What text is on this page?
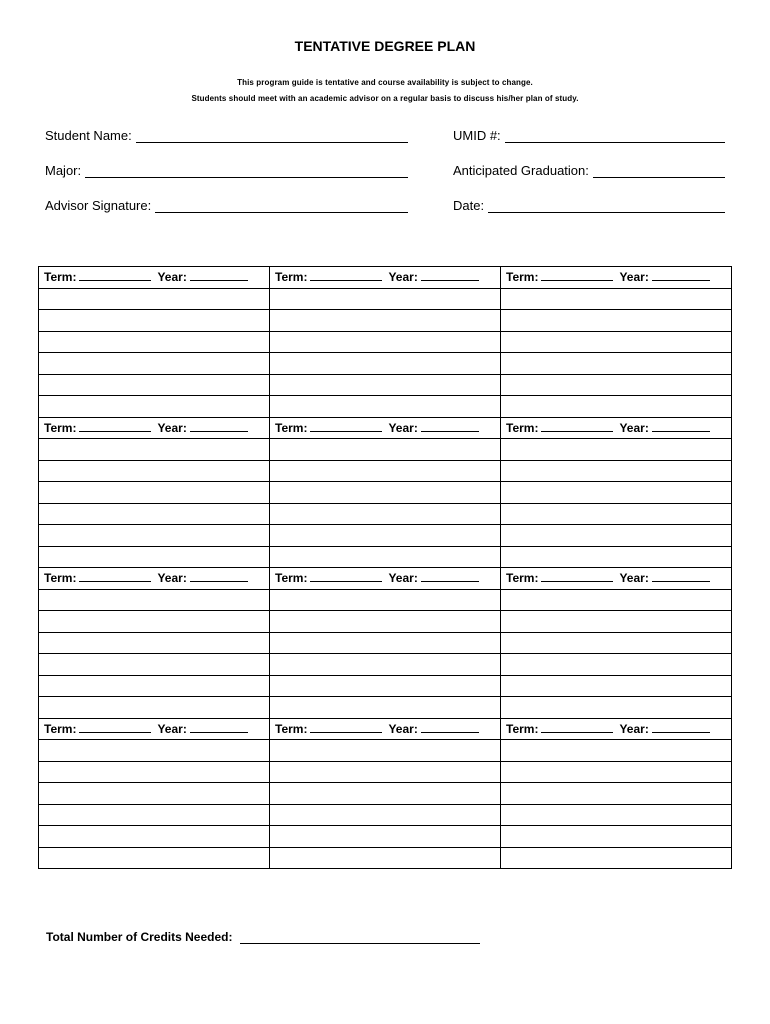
TENTATIVE DEGREE PLAN
This program guide is tentative and course availability is subject to change.
Students should meet with an academic advisor on a regular basis to discuss his/her plan of study.
Student Name:	UMID #:
Major:	Anticipated Graduation:
Advisor Signature:	Date:
Term: Year:	Term: Year:	Term: Year:

Term: Year:	Term: Year:	Term: Year:

Term: Year:	Term: Year:	Term: Year:

Term: Year:	Term: Year:	Term: Year:

Total Number of Credits Needed:
